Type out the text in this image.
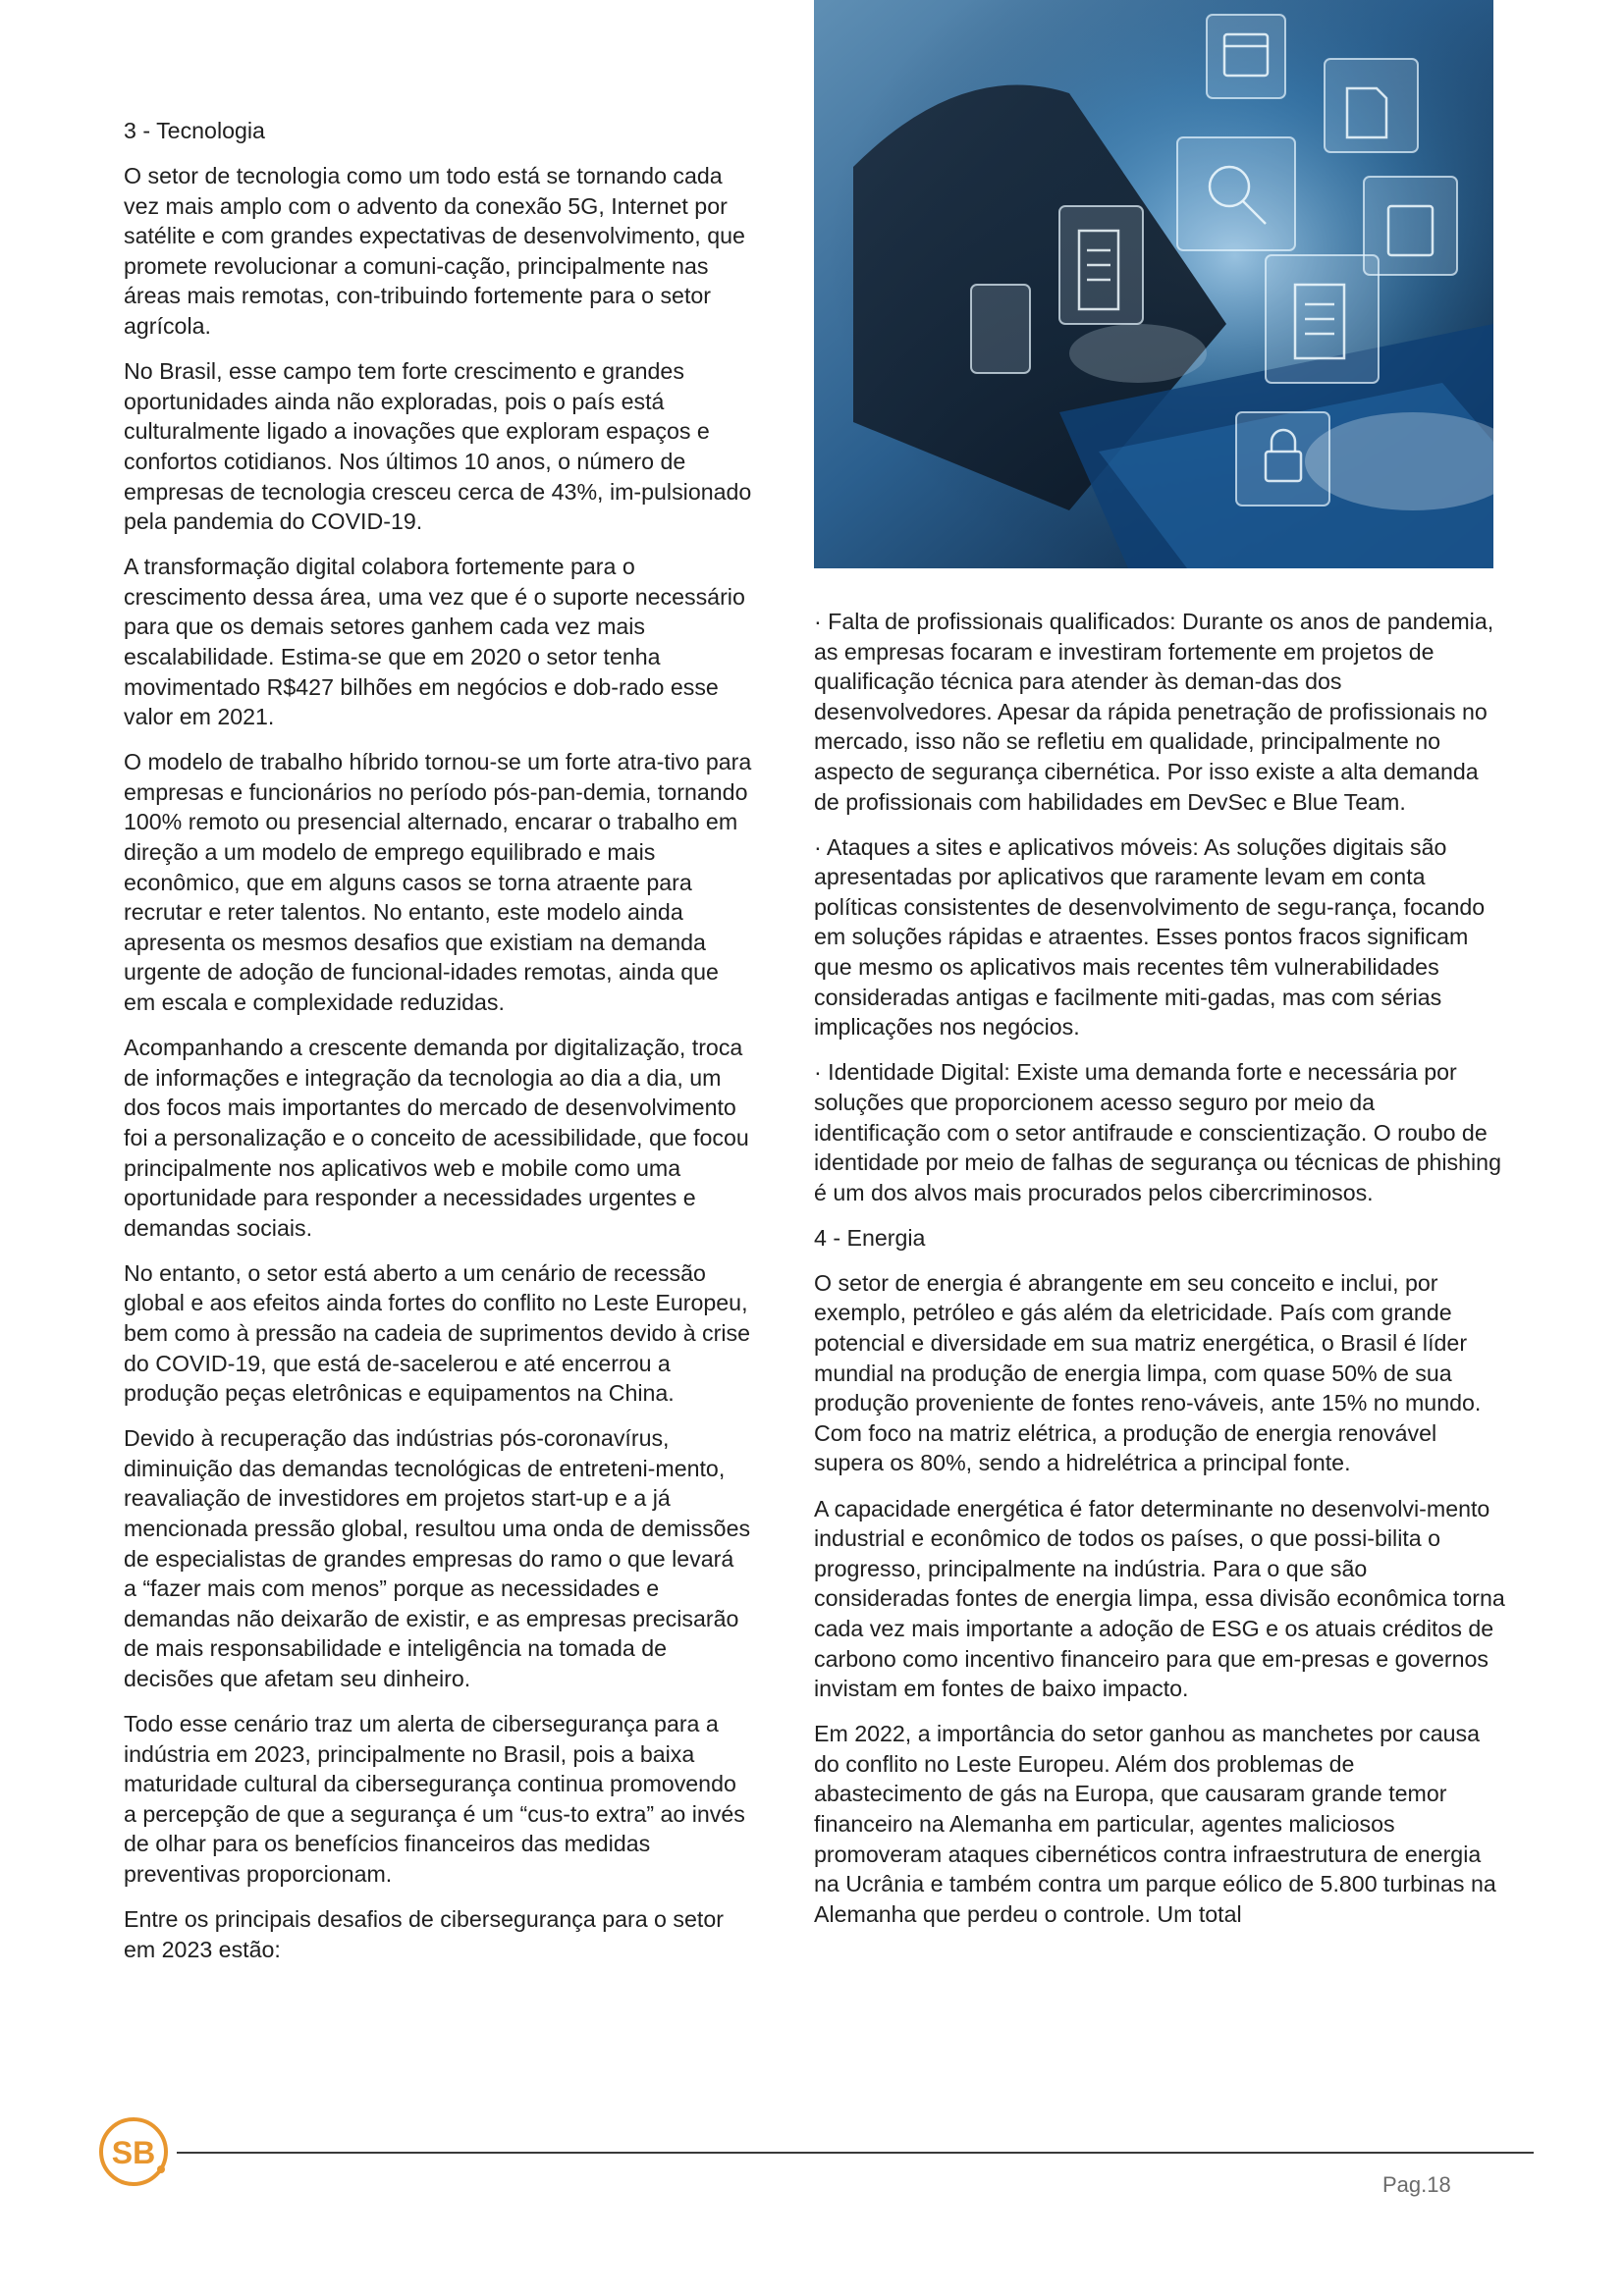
3 - Tecnologia

O setor de tecnologia como um todo está se tornando cada vez mais amplo com o advento da conexão 5G, Internet por satélite e com grandes expectativas de desenvolvimento, que promete revolucionar a comuni-cação, principalmente nas áreas mais remotas, con-tribuindo fortemente para o setor agrícola.

No Brasil, esse campo tem forte crescimento e grandes oportunidades ainda não exploradas, pois o país está culturalmente ligado a inovações que exploram espaços e confortos cotidianos. Nos últimos 10 anos, o número de empresas de tecnologia cresceu cerca de 43%, im-pulsionado pela pandemia do COVID-19.

A transformação digital colabora fortemente para o crescimento dessa área, uma vez que é o suporte necessário para que os demais setores ganhem cada vez mais escalabilidade. Estima-se que em 2020 o setor tenha movimentado R$427 bilhões em negócios e dob-rado esse valor em 2021.

O modelo de trabalho híbrido tornou-se um forte atra-tivo para empresas e funcionários no período pós-pan-demia, tornando 100% remoto ou presencial alternado, encarar o trabalho em direção a um modelo de emprego equilibrado e mais econômico, que em alguns casos se torna atraente para recrutar e reter talentos. No entanto, este modelo ainda apresenta os mesmos desafios que existiam na demanda urgente de adoção de funcional-idades remotas, ainda que em escala e complexidade reduzidas.

Acompanhando a crescente demanda por digitalização, troca de informações e integração da tecnologia ao dia a dia, um dos focos mais importantes do mercado de desenvolvimento foi a personalização e o conceito de acessibilidade, que focou principalmente nos aplicativos web e mobile como uma oportunidade para responder a necessidades urgentes e demandas sociais.

No entanto, o setor está aberto a um cenário de recessão global e aos efeitos ainda fortes do conflito no Leste Europeu, bem como à pressão na cadeia de suprimentos devido à crise do COVID-19, que está de-sacelerou e até encerrou a produção peças eletrônicas e equipamentos na China.

Devido à recuperação das indústrias pós-coronavírus, diminuição das demandas tecnológicas de entreteni-mento, reavaliação de investidores em projetos start-up e a já mencionada pressão global, resultou uma onda de demissões de especialistas de grandes empresas do ramo o que levará a “fazer mais com menos” porque as necessidades e demandas não deixarão de existir, e as empresas precisarão de mais responsabilidade e inteligência na tomada de decisões que afetam seu dinheiro.

Todo esse cenário traz um alerta de cibersegurança para a indústria em 2023, principalmente no Brasil, pois a baixa maturidade cultural da cibersegurança continua promovendo a percepção de que a segurança é um “cus-to extra” ao invés de olhar para os benefícios financeiros das medidas preventivas proporcionam.

Entre os principais desafios de cibersegurança para o setor em 2023 estão:

· Falta de profissionais qualificados: Durante os anos de pandemia, as empresas focaram e investiram fortemente em projetos de qualificação técnica para atender às deman-das dos desenvolvedores. Apesar da rápida penetração de profissionais no mercado, isso não se refletiu em qualidade, principalmente no aspecto de segurança cibernética. Por isso existe a alta demanda de profissionais com habilidades em DevSec e Blue Team.

· Ataques a sites e aplicativos móveis: As soluções digitais são apresentadas por aplicativos que raramente levam em conta políticas consistentes de desenvolvimento de segu-rança, focando em soluções rápidas e atraentes. Esses pontos fracos significam que mesmo os aplicativos mais recentes têm vulnerabilidades consideradas antigas e facilmente miti-gadas, mas com sérias implicações nos negócios.

· Identidade Digital: Existe uma demanda forte e necessária por soluções que proporcionem acesso seguro por meio da identificação com o setor antifraude e conscientização. O roubo de identidade por meio de falhas de segurança ou técnicas de phishing é um dos alvos mais procurados pelos cibercriminosos.

4 - Energia

O setor de energia é abrangente em seu conceito e inclui, por exemplo, petróleo e gás além da eletricidade. País com grande potencial e diversidade em sua matriz energética, o Brasil é líder mundial na produção de energia limpa, com quase 50% de sua produção proveniente de fontes reno-váveis, ante 15% no mundo. Com foco na matriz elétrica, a produção de energia renovável supera os 80%, sendo a hidrelétrica a principal fonte.

A capacidade energética é fator determinante no desenvolvi-mento industrial e econômico de todos os países, o que possi-bilita o progresso, principalmente na indústria. Para o que são consideradas fontes de energia limpa, essa divisão econômica torna cada vez mais importante a adoção de ESG e os atuais créditos de carbono como incentivo financeiro para que em-presas e governos invistam em fontes de baixo impacto.

Em 2022, a importância do setor ganhou as manchetes por causa do conflito no Leste Europeu. Além dos problemas de abastecimento de gás na Europa, que causaram grande temor financeiro na Alemanha em particular, agentes maliciosos promoveram ataques cibernéticos contra infraestrutura de energia na Ucrânia e também contra um parque eólico de 5.800 turbinas na Alemanha que perdeu o controle. Um total

SB
Pag.18
